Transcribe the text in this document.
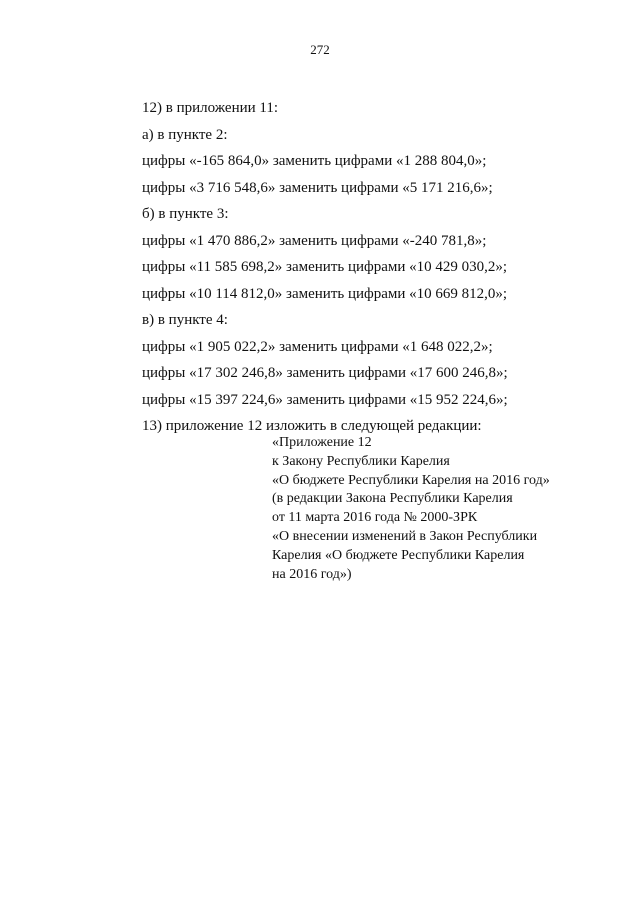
272
12) в приложении 11:
а) в пункте 2:
цифры «-165 864,0» заменить цифрами «1 288 804,0»;
цифры «3 716 548,6» заменить цифрами «5 171 216,6»;
б) в пункте 3:
цифры «1 470 886,2» заменить цифрами «-240 781,8»;
цифры «11 585 698,2» заменить цифрами «10 429 030,2»;
цифры «10 114 812,0» заменить цифрами «10 669 812,0»;
в) в пункте 4:
цифры «1 905 022,2» заменить цифрами «1 648 022,2»;
цифры «17 302 246,8» заменить цифрами «17 600 246,8»;
цифры «15 397 224,6» заменить цифрами «15 952 224,6»;
13) приложение 12 изложить в следующей редакции:
«Приложение 12
к Закону Республики Карелия
«О бюджете Республики Карелия на 2016 год»
(в редакции Закона Республики Карелия
от 11 марта 2016 года № 2000-ЗРК
«О внесении изменений в Закон Республики
Карелия «О бюджете Республики Карелия
на 2016 год»)
